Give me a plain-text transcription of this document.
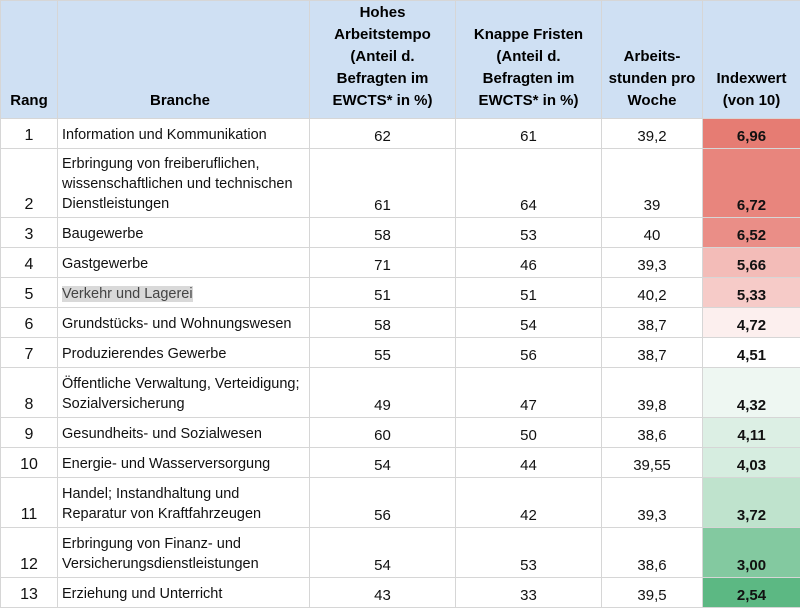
Rang	Branche	Hohes
Arbeitstempo
(Anteil d.
Befragten im
EWCTS* in %)	Knappe Fristen
(Anteil d.
Befragten im
EWCTS* in %)	Arbeits-
stunden pro
Woche	Indexwert
(von 10)
1	Information und Kommunikation	62	61	39,2	6,96
2	Erbringung von freiberuflichen,
wissenschaftlichen und technischen
Dienstleistungen	61	64	39	6,72
3	Baugewerbe	58	53	40	6,52
4	Gastgewerbe	71	46	39,3	5,66
5	Verkehr und Lagerei	51	51	40,2	5,33
6	Grundstücks- und Wohnungswesen	58	54	38,7	4,72
7	Produzierendes Gewerbe	55	56	38,7	4,51
8	Öffentliche Verwaltung, Verteidigung;
Sozialversicherung	49	47	39,8	4,32
9	Gesundheits- und Sozialwesen	60	50	38,6	4,11
10	Energie- und Wasserversorgung	54	44	39,55	4,03
11	Handel; Instandhaltung und
Reparatur von Kraftfahrzeugen	56	42	39,3	3,72
12	Erbringung von Finanz- und
Versicherungsdienstleistungen	54	53	38,6	3,00
13	Erziehung und Unterricht	43	33	39,5	2,54
